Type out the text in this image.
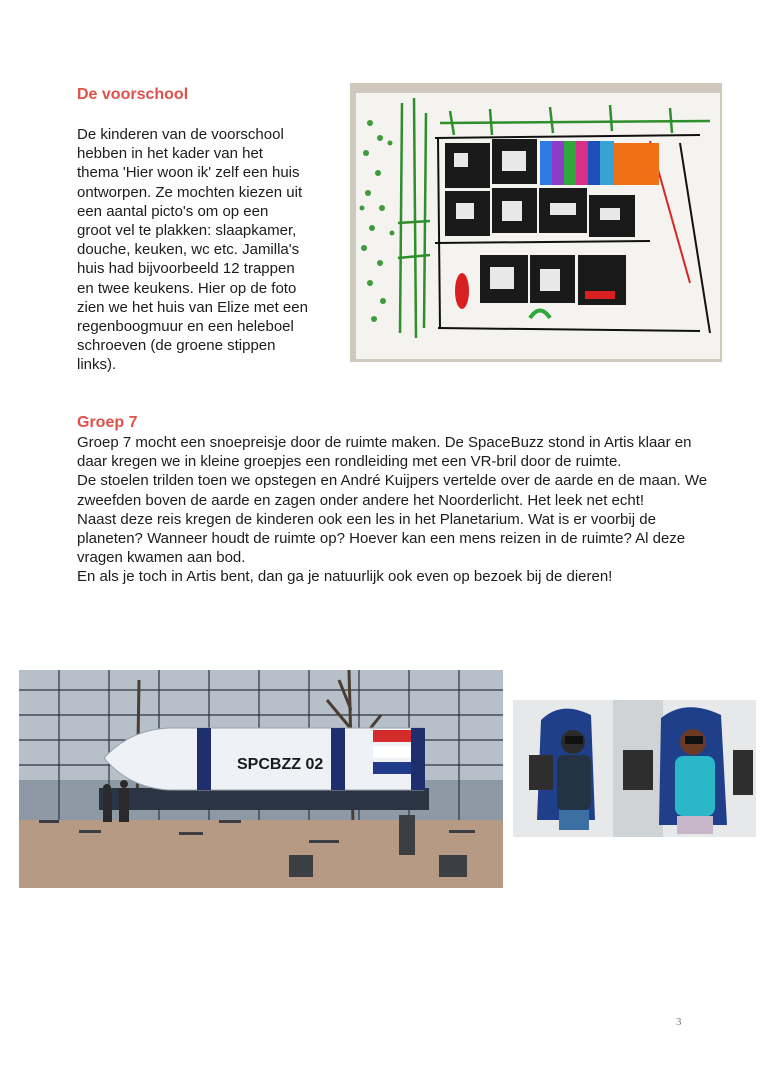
De voorschool

De kinderen van de voorschool

hebben in het kader van het

thema 'Hier woon ik' zelf een huis

ontworpen. Ze mochten kiezen uit

een aantal picto's om op een

groot vel te plakken: slaapkamer,

douche, keuken, wc etc. Jamilla's

huis had bijvoorbeeld 12 trappen

en twee keukens. Hier op de foto

zien we het huis van Elize met een

regenboogmuur en een heleboel

schroeven (de groene stippen

links).

Groep 7

Groep 7 mocht een snoepreisje door de ruimte maken. De SpaceBuzz stond in Artis klaar en daar kregen we in kleine groepjes een rondleiding met een VR-bril door de ruimte.

De stoelen trilden toen we opstegen en André Kuijpers vertelde over de aarde en de maan. We zweefden boven de aarde en zagen onder andere het Noorderlicht. Het leek net echt!

Naast deze reis kregen de kinderen ook een les in het Planetarium. Wat is er voorbij de planeten? Wanneer houdt de ruimte op? Hoever kan een mens reizen in de ruimte? Al deze vragen kwamen aan bod.

En als je toch in Artis bent, dan ga je natuurlijk ook even op bezoek bij de dieren!

SPCBZZ 02
3
